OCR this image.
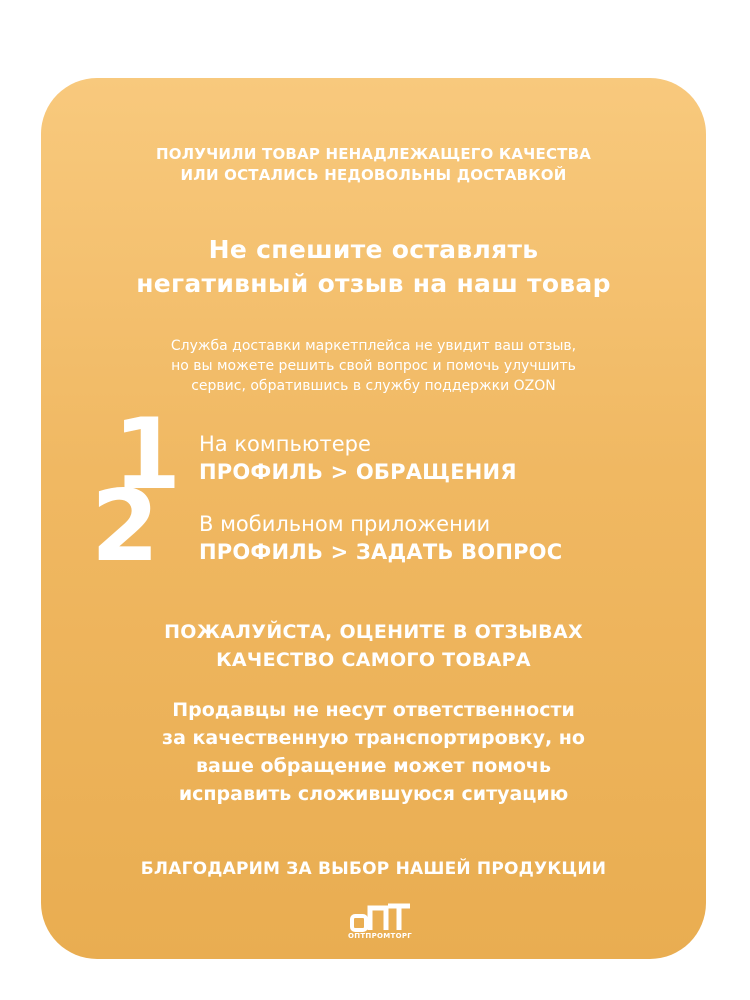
ПОЛУЧИЛИ ТОВАР НЕНАДЛЕЖАЩЕГО КАЧЕСТВА
ИЛИ ОСТАЛИСЬ НЕДОВОЛЬНЫ ДОСТАВКОЙ
Не спешите оставлять
негативный отзыв на наш товар
Служба доставки маркетплейса не увидит ваш отзыв,
но вы можете решить свой вопрос и помочь улучшить
сервис, обратившись в службу поддержки OZON
1 На компьютере
ПРОФИЛЬ > ОБРАЩЕНИЯ
2 В мобильном приложении
ПРОФИЛЬ > ЗАДАТЬ ВОПРОС
ПОЖАЛУЙСТА, ОЦЕНИТЕ В ОТЗЫВАХ
КАЧЕСТВО САМОГО ТОВАРА
Продавцы не несут ответственности
за качественную транспортировку, но
ваше обращение может помочь
исправить сложившуюся ситуацию
БЛАГОДАРИМ ЗА ВЫБОР НАШЕЙ ПРОДУКЦИИ
ОПТПРОМТОРГ
